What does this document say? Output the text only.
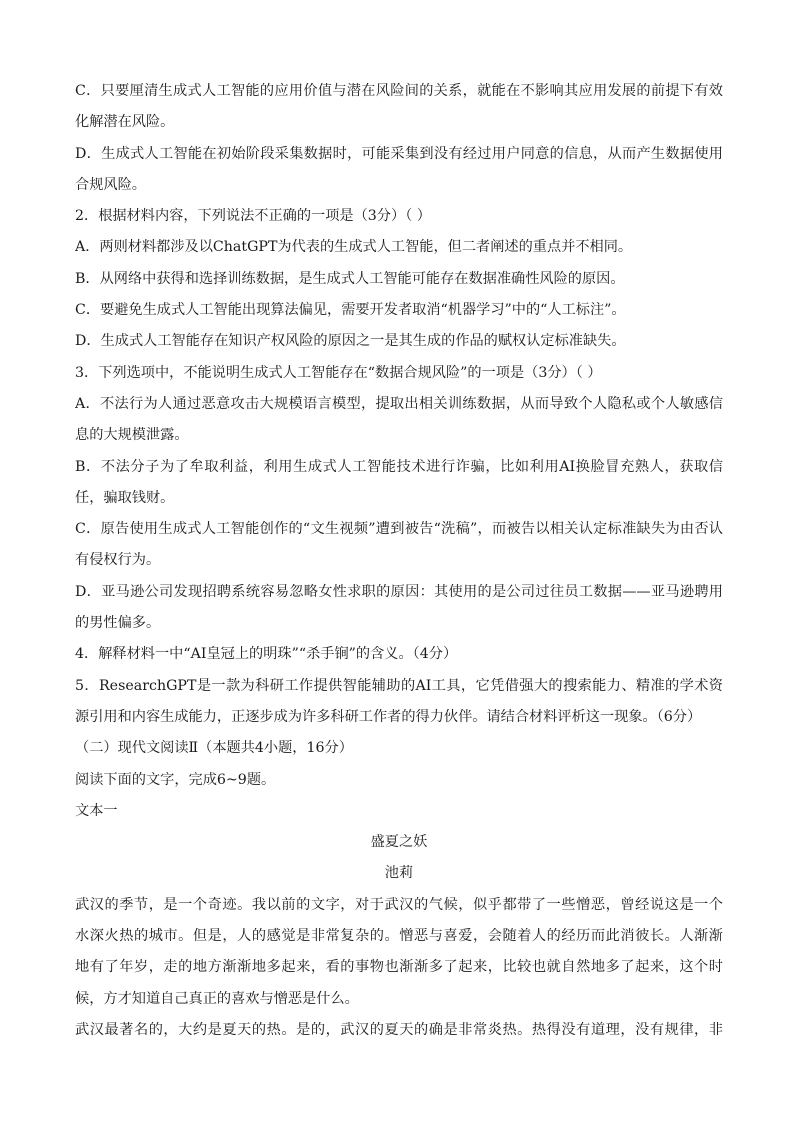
C．只要厘清生成式人工智能的应用价值与潜在风险间的关系，就能在不影响其应用发展的前提下有效
化解潜在风险。
D．生成式人工智能在初始阶段采集数据时，可能采集到没有经过用户同意的信息，从而产生数据使用
合规风险。
2．根据材料内容，下列说法不正确的一项是（3分）（ ）
A．两则材料都涉及以ChatGPT为代表的生成式人工智能，但二者阐述的重点并不相同。
B．从网络中获得和选择训练数据，是生成式人工智能可能存在数据准确性风险的原因。
C．要避免生成式人工智能出现算法偏见，需要开发者取消“机器学习”中的“人工标注”。
D．生成式人工智能存在知识产权风险的原因之一是其生成的作品的赋权认定标准缺失。
3．下列选项中，不能说明生成式人工智能存在“数据合规风险”的一项是（3分）（ ）
A．不法行为人通过恶意攻击大规模语言模型，提取出相关训练数据，从而导致个人隐私或个人敏感信
息的大规模泄露。
B．不法分子为了牟取利益，利用生成式人工智能技术进行诈骗，比如利用AI换脸冒充熟人，获取信
任，骗取钱财。
C．原告使用生成式人工智能创作的“文生视频”遭到被告“洗稿”，而被告以相关认定标准缺失为由否认
有侵权行为。
D．亚马逊公司发现招聘系统容易忽略女性求职的原因：其使用的是公司过往员工数据——亚马逊聘用
的男性偏多。
4．解释材料一中“AI皇冠上的明珠”“杀手锏”的含义。（4分）
5．ResearchGPT是一款为科研工作提供智能辅助的AI工具，它凭借强大的搜索能力、精准的学术资
源引用和内容生成能力，正逐步成为许多科研工作者的得力伙伴。请结合材料评析这一现象。（6分）
（二）现代文阅读Ⅱ（本题共4小题，16分）
阅读下面的文字，完成6~9题。
文本一
盛夏之妖
池莉
武汉的季节，是一个奇迹。我以前的文字，对于武汉的气候，似乎都带了一些憎恶，曾经说这是一个
水深火热的城市。但是，人的感觉是非常复杂的。憎恶与喜爱，会随着人的经历而此消彼长。人渐渐
地有了年岁，走的地方渐渐地多起来，看的事物也渐渐多了起来，比较也就自然地多了起来，这个时
候，方才知道自己真正的喜欢与憎恶是什么。
武汉最著名的，大约是夏天的热。是的，武汉的夏天的确是非常炎热。热得没有道理，没有规律，非
